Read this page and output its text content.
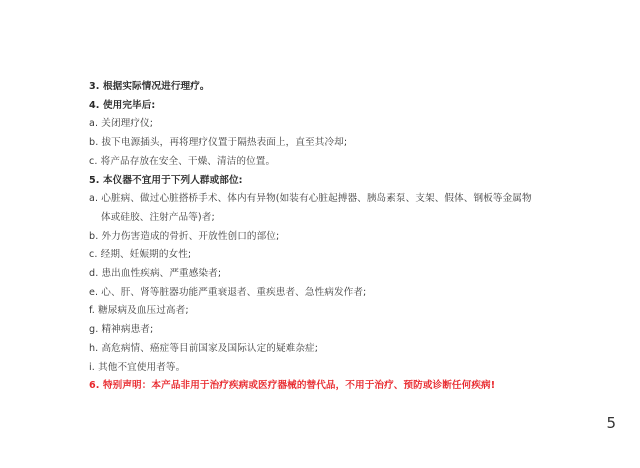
3. 根据实际情况进行理疗。
4. 使用完毕后:
a. 关闭理疗仪;
b. 拔下电源插头，再将理疗仪置于隔热表面上，直至其冷却;
c. 将产品存放在安全、干燥、清洁的位置。
5. 本仪器不宜用于下列人群或部位:
a. 心脏病、做过心脏搭桥手术、体内有异物(如装有心脏起搏器、胰岛素泵、支架、假体、钢板等金属物
体或硅胶、注射产品等)者;
b. 外力伤害造成的骨折、开放性创口的部位;
c. 经期、妊娠期的女性;
d. 患出血性疾病、严重感染者;
e. 心、肝、肾等脏器功能严重衰退者、重疾患者、急性病发作者;
f. 糖尿病及血压过高者;
g. 精神病患者;
h. 高危病情、癌症等目前国家及国际认定的疑难杂症;
i. 其他不宜使用者等。
6. 特别声明：本产品非用于治疗疾病或医疗器械的替代品，不用于治疗、预防或诊断任何疾病!
5
